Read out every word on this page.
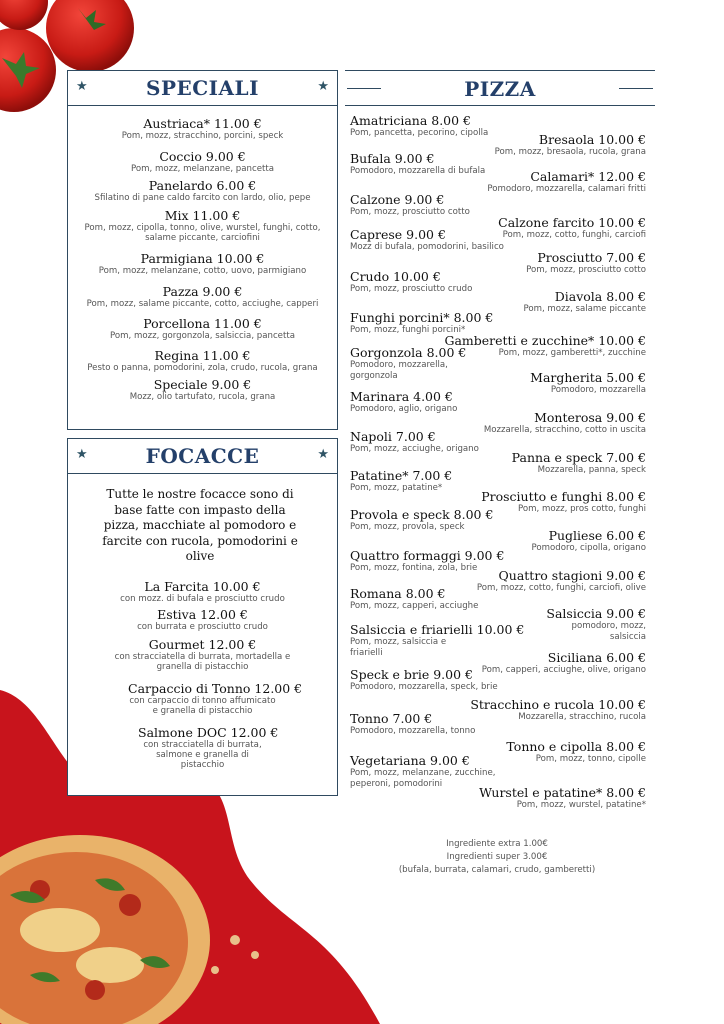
★	SPECIALI	★
Austriaca* 11.00 €
Pom, mozz, stracchino, porcini, speck
Coccio 9.00 €
Pom, mozz, melanzane, pancetta
Panelardo 6.00 €
Sfilatino di pane caldo farcito con lardo, olio, pepe
Mix 11.00 €
Pom, mozz, cipolla, tonno, olive, wurstel, funghi, cotto, salame piccante, carciofini
Parmigiana 10.00 €
Pom, mozz, melanzane, cotto, uovo, parmigiano
Pazza 9.00 €
Pom, mozz, salame piccante, cotto, acciughe, capperi
Porcellona 11.00 €
Pom, mozz, gorgonzola, salsiccia, pancetta
Regina 11.00 €
Pesto o panna, pomodorini, zola, crudo, rucola, grana
Speciale 9.00 €
Mozz, olio tartufato, rucola, grana
★	FOCACCE	★
La Farcita 10.00 €
con mozz. di bufala e prosciutto crudo
Estiva 12.00 €
con burrata e prosciutto crudo
Gourmet 12.00 €
con stracciatella di burrata, mortadella e granella di pistacchio
Carpaccio di Tonno 12.00 €
con carpaccio di tonno affumicato e granella di pistacchio
Salmone DOC 12.00 €
con stracciatella di burrata, salmone e granella di pistacchio
Tutte le nostre focacce sono di base fatte con impasto della pizza, macchiate al pomodoro e farcite con rucola, pomodorini e olive
PIZZA
Amatriciana 8.00 €
Pom, pancetta, pecorino, cipolla
Bufala 9.00 €
Pomodoro, mozzarella di bufala
Calzone 9.00 €
Pom, mozz, prosciutto cotto
Caprese 9.00 €
Mozz di bufala, pomodorini, basilico
Crudo 10.00 €
Pom, mozz, prosciutto crudo
Funghi porcini* 8.00 €
Pom, mozz, funghi porcini*
Gorgonzola 8.00 €
Pomodoro, mozzarella, gorgonzola
Marinara 4.00 €
Pomodoro, aglio, origano
Napoli 7.00 €
Pom, mozz, acciughe, origano
Patatine* 7.00 €
Pom, mozz, patatine*
Provola e speck 8.00 €
Pom, mozz, provola, speck
Quattro formaggi 9.00 €
Pom, mozz, fontina, zola, brie
Romana 8.00 €
Pom, mozz, capperi, acciughe
Salsiccia e friarielli 10.00 €
Pom, mozz, salsiccia e friarielli
Speck e brie 9.00 €
Pomodoro, mozzarella, speck, brie
Tonno 7.00 €
Pomodoro, mozzarella, tonno
Vegetariana 9.00 €
Pom, mozz, melanzane, zucchine, peperoni, pomodorini
Bresaola 10.00 €
Pom, mozz, bresaola, rucola, grana
Calamari* 12.00 €
Pomodoro, mozzarella, calamari fritti
Calzone farcito 10.00 €
Pom, mozz, cotto, funghi, carciofi
Prosciutto 7.00 €
Pom, mozz, prosciutto cotto
Diavola 8.00 €
Pom, mozz, salame piccante
Gamberetti e zucchine* 10.00 €
Pom, mozz, gamberetti*, zucchine
Margherita 5.00 €
Pomodoro, mozzarella
Monterosa 9.00 €
Mozzarella, stracchino, cotto in uscita
Panna e speck 7.00 €
Mozzarella, panna, speck
Prosciutto e funghi 8.00 €
Pom, mozz, pros cotto, funghi
Pugliese 6.00 €
Pomodoro, cipolla, origano
Quattro stagioni 9.00 €
Pom, mozz, cotto, funghi, carciofi, olive
Salsiccia 9.00 €
pomodoro, mozz, salsiccia
Siciliana 6.00 €
Pom, capperi, acciughe, olive, origano
Stracchino e rucola 10.00 €
Mozzarella, stracchino, rucola
Tonno e cipolla 8.00 €
Pom, mozz, tonno, cipolle
Wurstel e patatine* 8.00 €
Pom, mozz, wurstel, patatine*
Ingrediente extra 1.00€
Ingredienti super 3.00€
(bufala, burrata, calamari, crudo, gamberetti)
